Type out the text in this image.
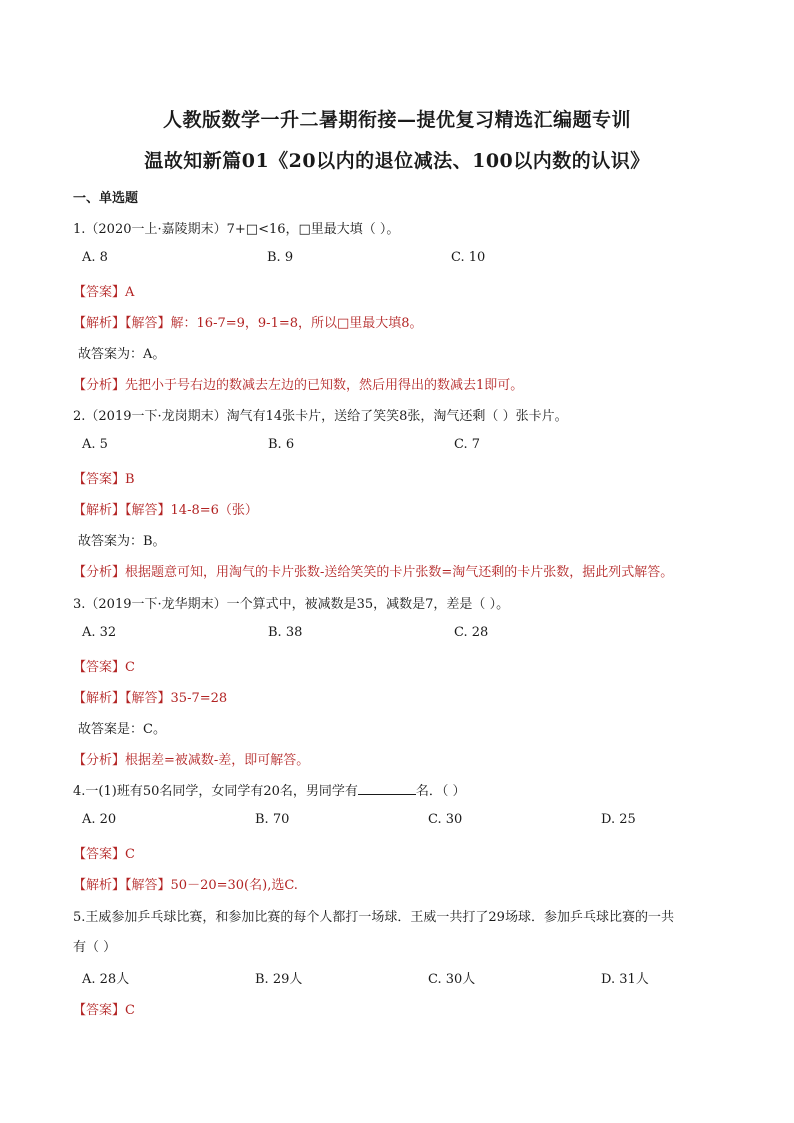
人教版数学一升二暑期衔接—提优复习精选汇编题专训
温故知新篇01《20以内的退位减法、100以内数的认识》
一、单选题
1.（2020一上·嘉陵期末）7+□<16，□里最大填（ ）。
A. 8	B. 9	C. 10
【答案】A
【解析】【解答】解：16-7=9，9-1=8，所以□里最大填8。
故答案为：A。
【分析】先把小于号右边的数减去左边的已知数，然后用得出的数减去1即可。
2.（2019一下·龙岗期末）淘气有14张卡片，送给了笑笑8张，淘气还剩（ ）张卡片。
A. 5	B. 6	C. 7
【答案】B
【解析】【解答】14-8=6（张）
故答案为：B。
【分析】根据题意可知，用淘气的卡片张数-送给笑笑的卡片张数=淘气还剩的卡片张数，据此列式解答。
3.（2019一下·龙华期末）一个算式中，被减数是35，减数是7，差是（ ）。
A. 32	B. 38	C. 28
【答案】C
【解析】【解答】35-7=28
故答案是：C。
【分析】根据差=被减数-差，即可解答。
4.一(1)班有50名同学，女同学有20名，男同学有	名．（ ）
A. 20	B. 70	C. 30	D. 25
【答案】C
【解析】【解答】50－20=30(名),选C.
5.王威参加乒乓球比赛，和参加比赛的每个人都打一场球．王威一共打了29场球．参加乒乓球比赛的一共
有（ ）
A. 28人	B. 29人	C. 30人	D. 31人
【答案】C
